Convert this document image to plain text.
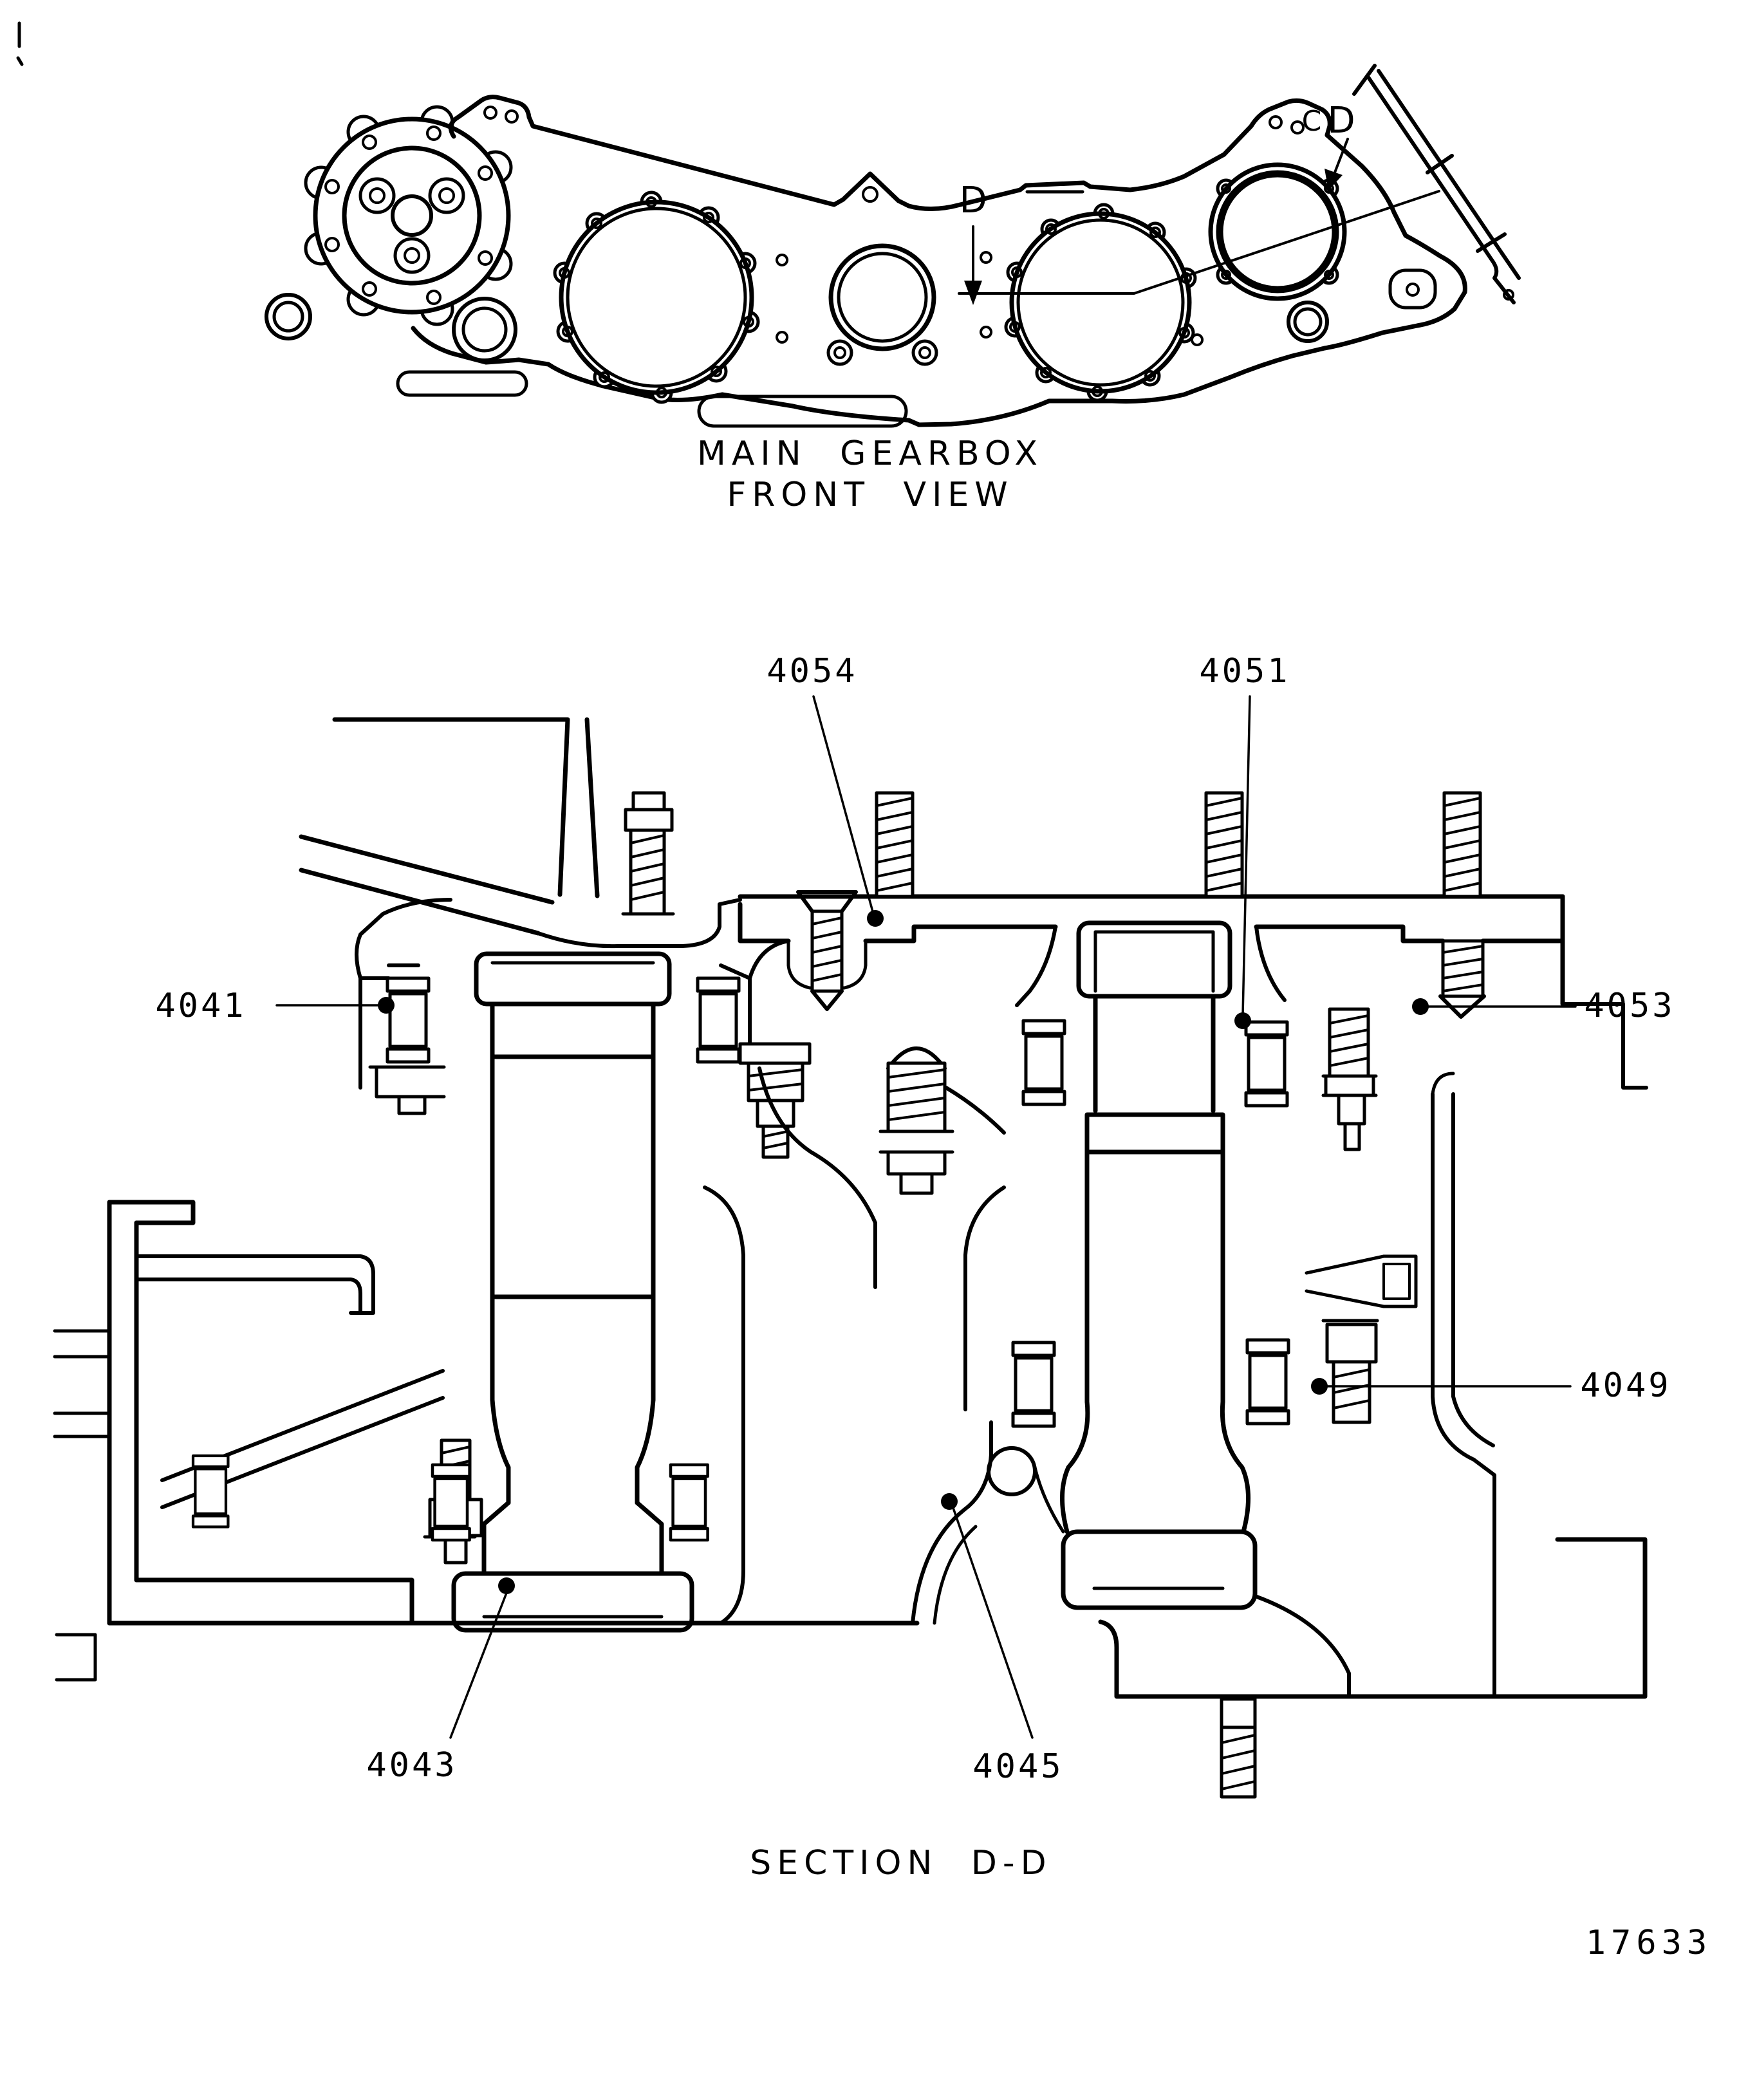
D
C D
MAIN GEARBOX
FRONT VIEW
4041
4043	4045
4049
4051
4053
4054
SECTION D-D
17633
